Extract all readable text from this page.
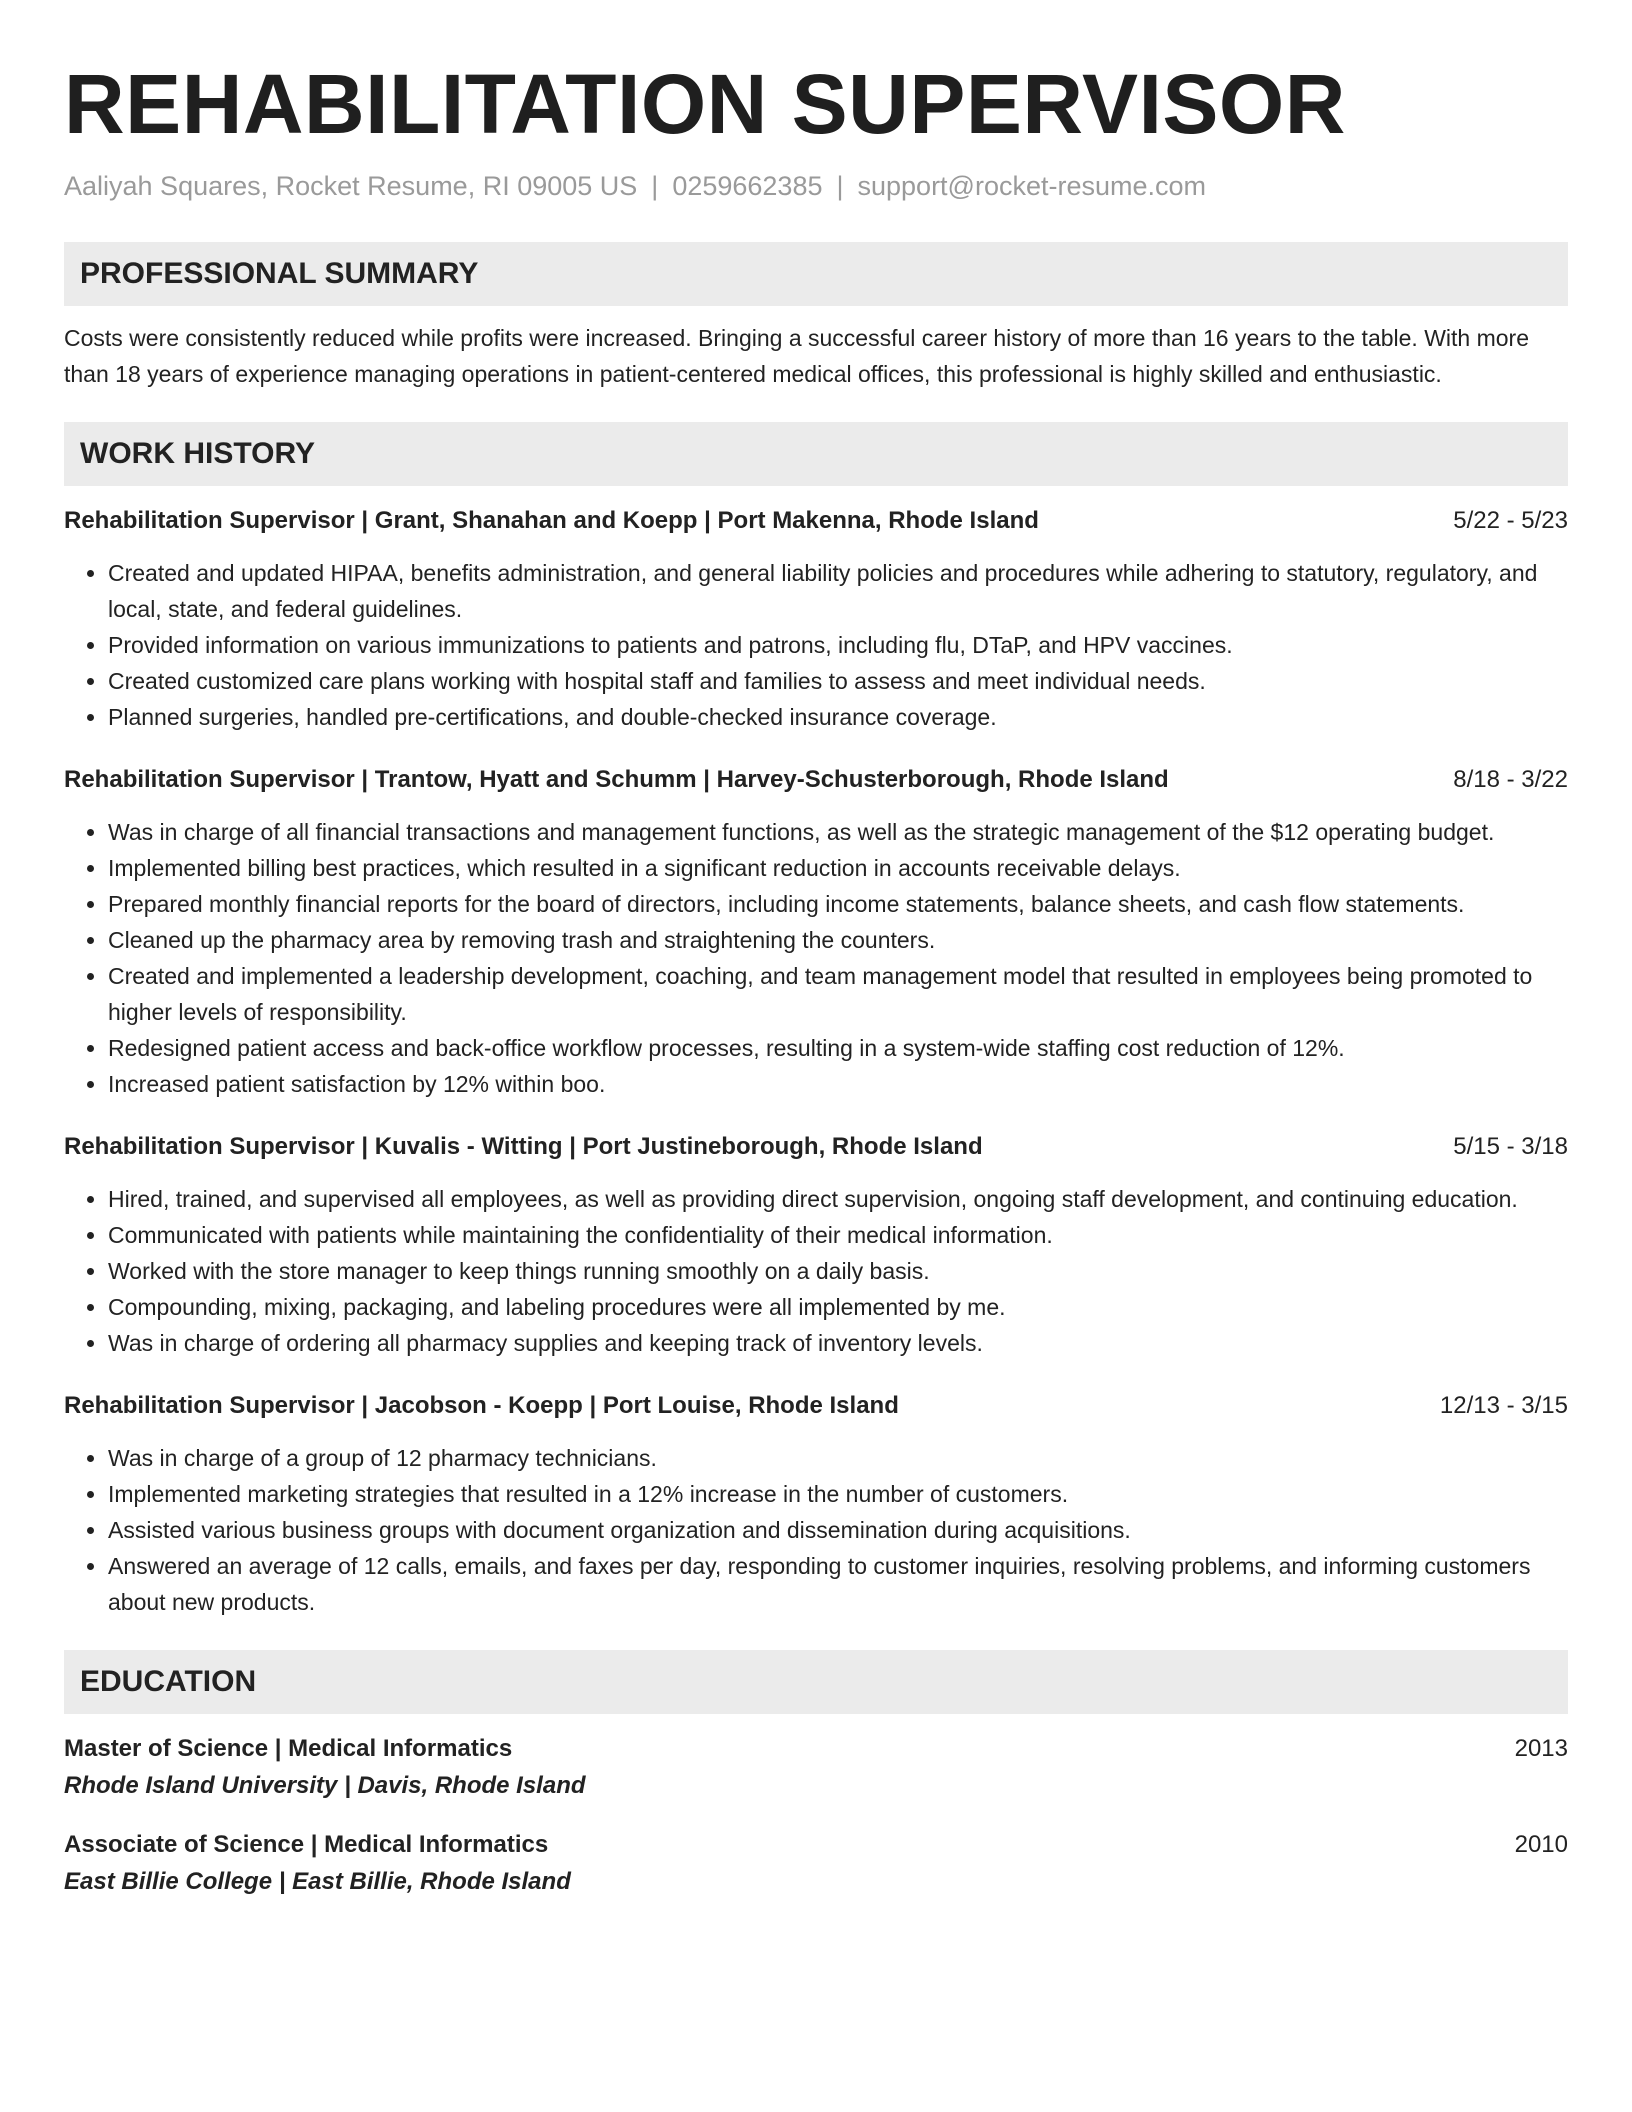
REHABILITATION SUPERVISOR
Aaliyah Squares, Rocket Resume, RI 09005 US | 0259662385 | support@rocket-resume.com
PROFESSIONAL SUMMARY

Costs were consistently reduced while profits were increased. Bringing a successful career history of more than 16 years to the table. With more than 18 years of experience managing operations in patient-centered medical offices, this professional is highly skilled and enthusiastic.

WORK HISTORY
Rehabilitation Supervisor | Grant, Shanahan and Koepp | Port Makenna, Rhode Island	5/22 - 5/23
• Created and updated HIPAA, benefits administration, and general liability policies and procedures while adhering to statutory, regulatory, and local, state, and federal guidelines.
• Provided information on various immunizations to patients and patrons, including flu, DTaP, and HPV vaccines.
• Created customized care plans working with hospital staff and families to assess and meet individual needs.
• Planned surgeries, handled pre-certifications, and double-checked insurance coverage.
Rehabilitation Supervisor | Trantow, Hyatt and Schumm | Harvey-Schusterborough, Rhode Island	8/18 - 3/22
• Was in charge of all financial transactions and management functions, as well as the strategic management of the $12 operating budget.
• Implemented billing best practices, which resulted in a significant reduction in accounts receivable delays.
• Prepared monthly financial reports for the board of directors, including income statements, balance sheets, and cash flow statements.
• Cleaned up the pharmacy area by removing trash and straightening the counters.
• Created and implemented a leadership development, coaching, and team management model that resulted in employees being promoted to higher levels of responsibility.
• Redesigned patient access and back-office workflow processes, resulting in a system-wide staffing cost reduction of 12%.
• Increased patient satisfaction by 12% within boo.
Rehabilitation Supervisor | Kuvalis - Witting | Port Justineborough, Rhode Island	5/15 - 3/18
• Hired, trained, and supervised all employees, as well as providing direct supervision, ongoing staff development, and continuing education.
• Communicated with patients while maintaining the confidentiality of their medical information.
• Worked with the store manager to keep things running smoothly on a daily basis.
• Compounding, mixing, packaging, and labeling procedures were all implemented by me.
• Was in charge of ordering all pharmacy supplies and keeping track of inventory levels.
Rehabilitation Supervisor | Jacobson - Koepp | Port Louise, Rhode Island	12/13 - 3/15
• Was in charge of a group of 12 pharmacy technicians.
• Implemented marketing strategies that resulted in a 12% increase in the number of customers.
• Assisted various business groups with document organization and dissemination during acquisitions.
• Answered an average of 12 calls, emails, and faxes per day, responding to customer inquiries, resolving problems, and informing customers about new products.
EDUCATION
Master of Science | Medical Informatics	2013
Rhode Island University | Davis, Rhode Island
Associate of Science | Medical Informatics	2010
East Billie College | East Billie, Rhode Island
